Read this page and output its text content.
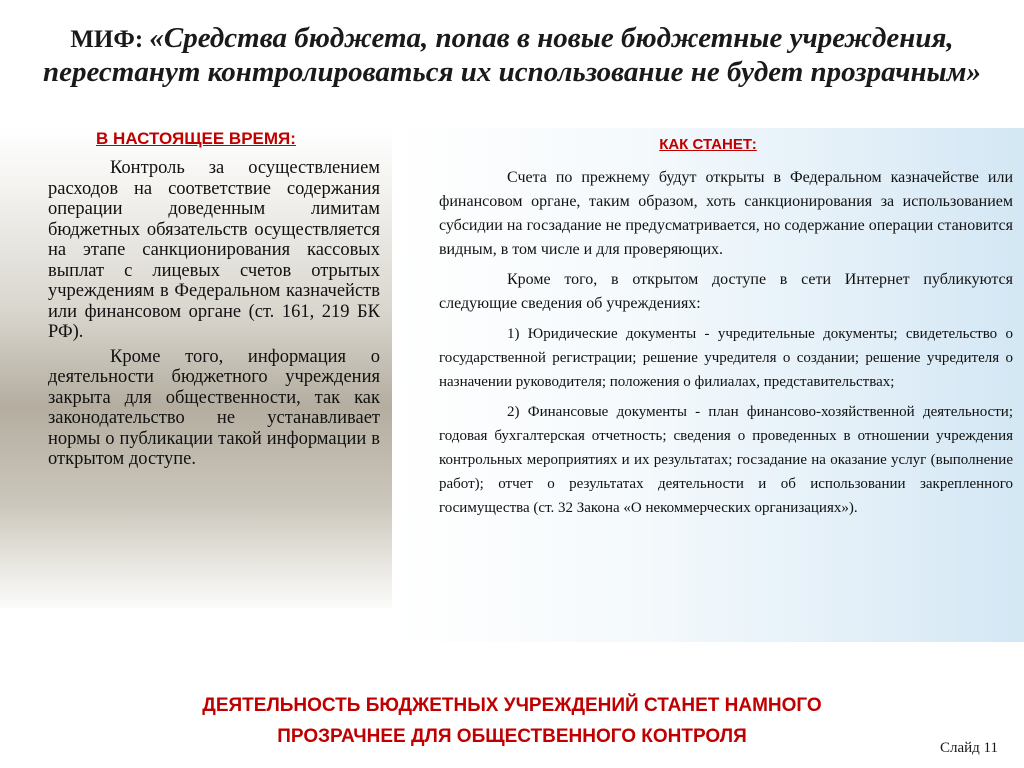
МИФ: «Средства бюджета, попав в новые бюджетные учреждения, перестанут контролироваться их использование не будет прозрачным»
В НАСТОЯЩЕЕ ВРЕМЯ:

Контроль за осуществлением расходов на соответствие содержания операции доведенным лимитам бюджетных обязательств осуществляется на этапе санкционирования кассовых выплат с лицевых счетов отрытых учреждениям в Федеральном казначейств или финансовом органе (ст. 161, 219 БК РФ).

Кроме того, информация о деятельности бюджетного учреждения закрыта для общественности, так как законодательство не устанавливает нормы о публикации такой информации в открытом доступе.

КАК СТАНЕТ:

Счета по прежнему будут открыты в Федеральном казначействе или финансовом органе, таким образом, хоть санкционирования за использованием субсидии на госзадание не предусматривается, но содержание операции становится видным, в том числе и для проверяющих.

Кроме того, в открытом доступе в сети Интернет публикуются следующие сведения об учреждениях:

1) Юридические документы - учредительные документы; свидетельство о государственной регистрации; решение учредителя о создании; решение учредителя о назначении руководителя; положения о филиалах, представительствах;

2) Финансовые документы - план финансово-хозяйственной деятельности; годовая бухгалтерская отчетность; сведения о проведенных в отношении учреждения контрольных мероприятиях и их результатах; госзадание на оказание услуг (выполнение работ); отчет о результатах деятельности и об использовании закрепленного госимущества (ст. 32 Закона «О некоммерческих организациях»).

ДЕЯТЕЛЬНОСТЬ БЮДЖЕТНЫХ УЧРЕЖДЕНИЙ СТАНЕТ НАМНОГО
ПРОЗРАЧНЕЕ ДЛЯ ОБЩЕСТВЕННОГО КОНТРОЛЯ
Слайд 11
